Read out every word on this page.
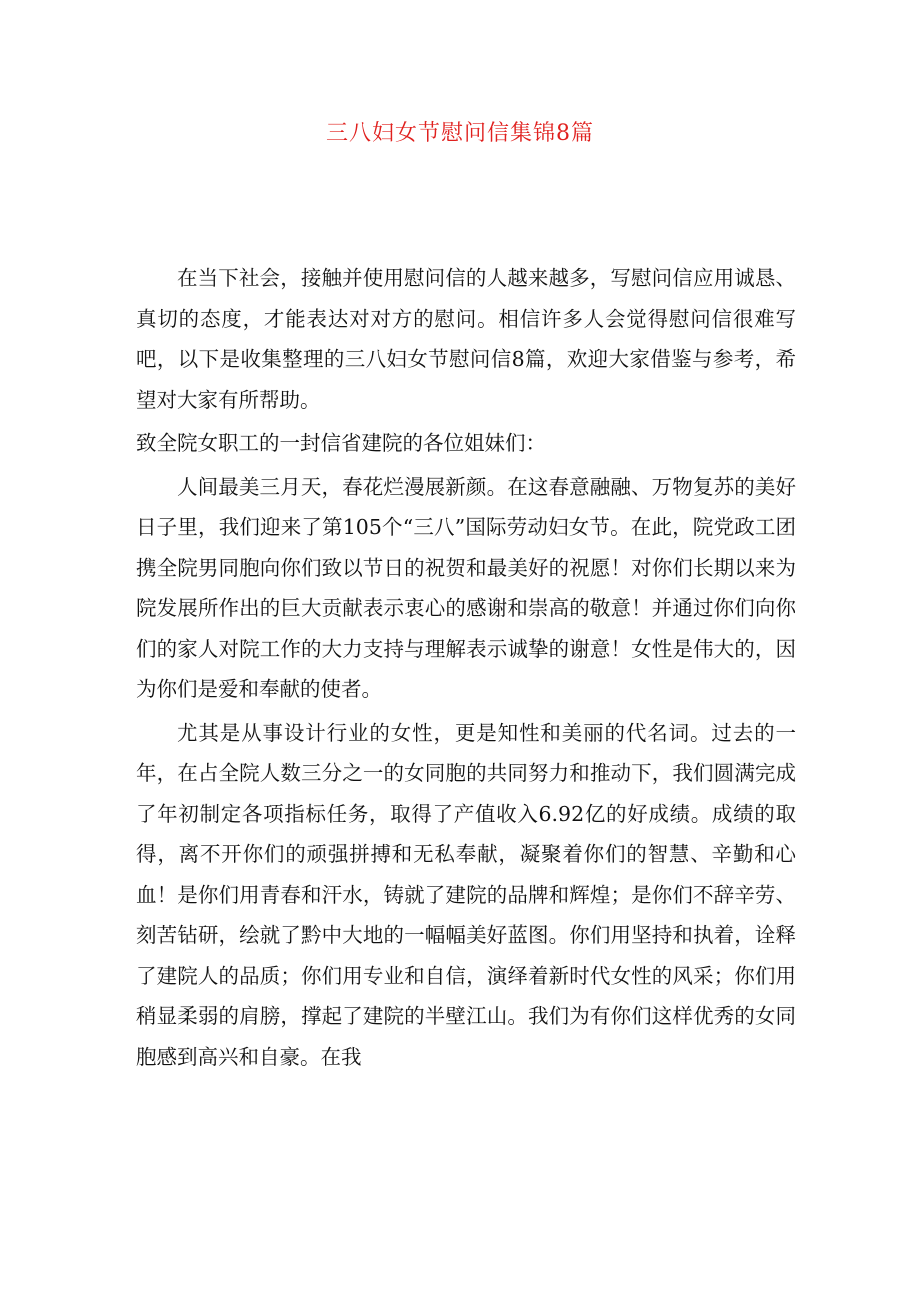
三八妇女节慰问信集锦8篇

在当下社会，接触并使用慰问信的人越来越多，写慰问信应用诚恳、真切的态度，才能表达对对方的慰问。相信许多人会觉得慰问信很难写吧，以下是收集整理的三八妇女节慰问信8篇，欢迎大家借鉴与参考，希望对大家有所帮助。

致全院女职工的一封信省建院的各位姐妹们：

人间最美三月天，春花烂漫展新颜。在这春意融融、万物复苏的美好日子里，我们迎来了第105个“三八”国际劳动妇女节。在此，院党政工团携全院男同胞向你们致以节日的祝贺和最美好的祝愿！对你们长期以来为院发展所作出的巨大贡献表示衷心的感谢和崇高的敬意！并通过你们向你们的家人对院工作的大力支持与理解表示诚挚的谢意！女性是伟大的，因为你们是爱和奉献的使者。

尤其是从事设计行业的女性，更是知性和美丽的代名词。过去的一年，在占全院人数三分之一的女同胞的共同努力和推动下，我们圆满完成了年初制定各项指标任务，取得了产值收入6.92亿的好成绩。成绩的取得，离不开你们的顽强拼搏和无私奉献，凝聚着你们的智慧、辛勤和心血！是你们用青春和汗水，铸就了建院的品牌和辉煌；是你们不辞辛劳、刻苦钻研，绘就了黔中大地的一幅幅美好蓝图。你们用坚持和执着，诠释了建院人的品质；你们用专业和自信，演绎着新时代女性的风采；你们用稍显柔弱的肩膀，撑起了建院的半壁江山。我们为有你们这样优秀的女同胞感到高兴和自豪。在我
